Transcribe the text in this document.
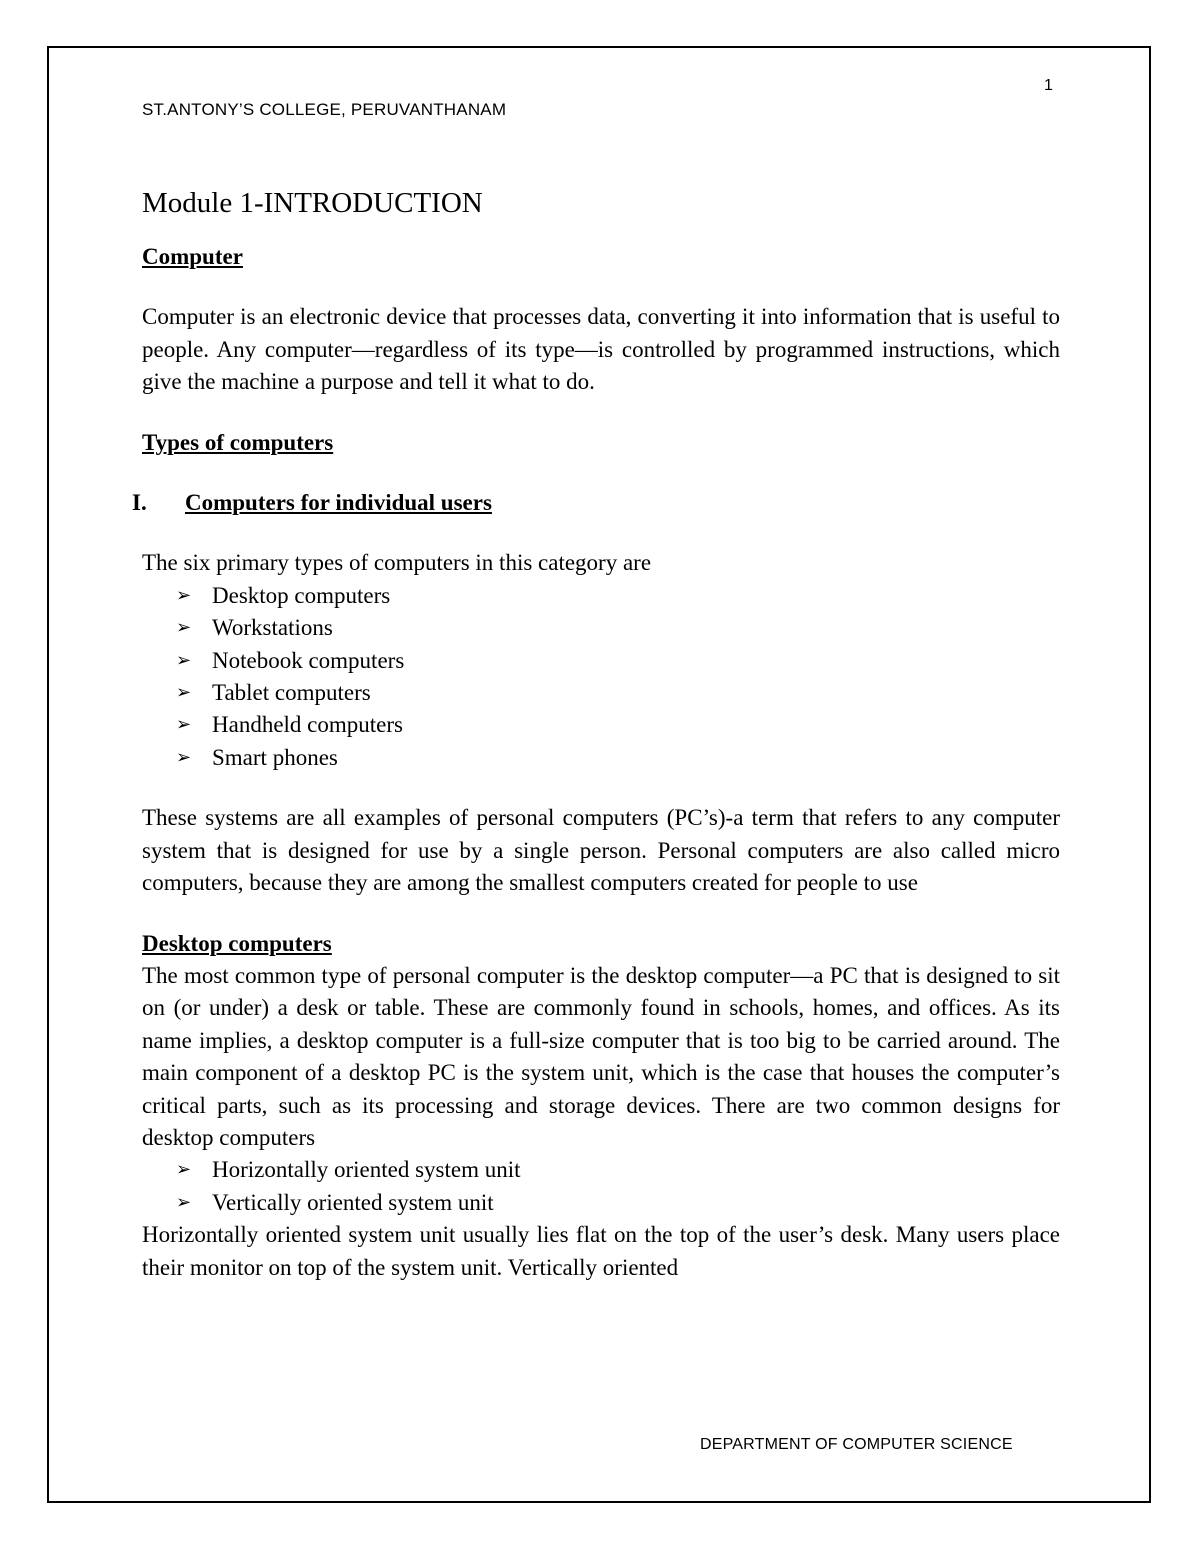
1
ST.ANTONY’S COLLEGE, PERUVANTHANAM
Module 1-INTRODUCTION

Computer

Computer is an electronic device that processes data, converting it into information that is useful to people. Any computer—regardless of its type—is controlled by programmed instructions, which give the machine a purpose and tell it what to do.

Types of computers

I. Computers for individual users

The six primary types of computers in this category are

➢ Desktop computers
➢ Workstations
➢ Notebook computers
➢ Tablet computers
➢ Handheld computers
➢ Smart phones

These systems are all examples of personal computers (PC’s)-a term that refers to any computer system that is designed for use by a single person. Personal computers are also called micro computers, because they are among the smallest computers created for people to use

Desktop computers

The most common type of personal computer is the desktop computer—a PC that is designed to sit on (or under) a desk or table. These are commonly found in schools, homes, and offices. As its name implies, a desktop computer is a full-size computer that is too big to be carried around. The main component of a desktop PC is the system unit, which is the case that houses the computer’s critical parts, such as its processing and storage devices. There are two common designs for desktop computers

➢ Horizontally oriented system unit
➢ Vertically oriented system unit

Horizontally oriented system unit usually lies flat on the top of the user’s desk. Many users place their monitor on top of the system unit. Vertically oriented

DEPARTMENT OF COMPUTER SCIENCE
